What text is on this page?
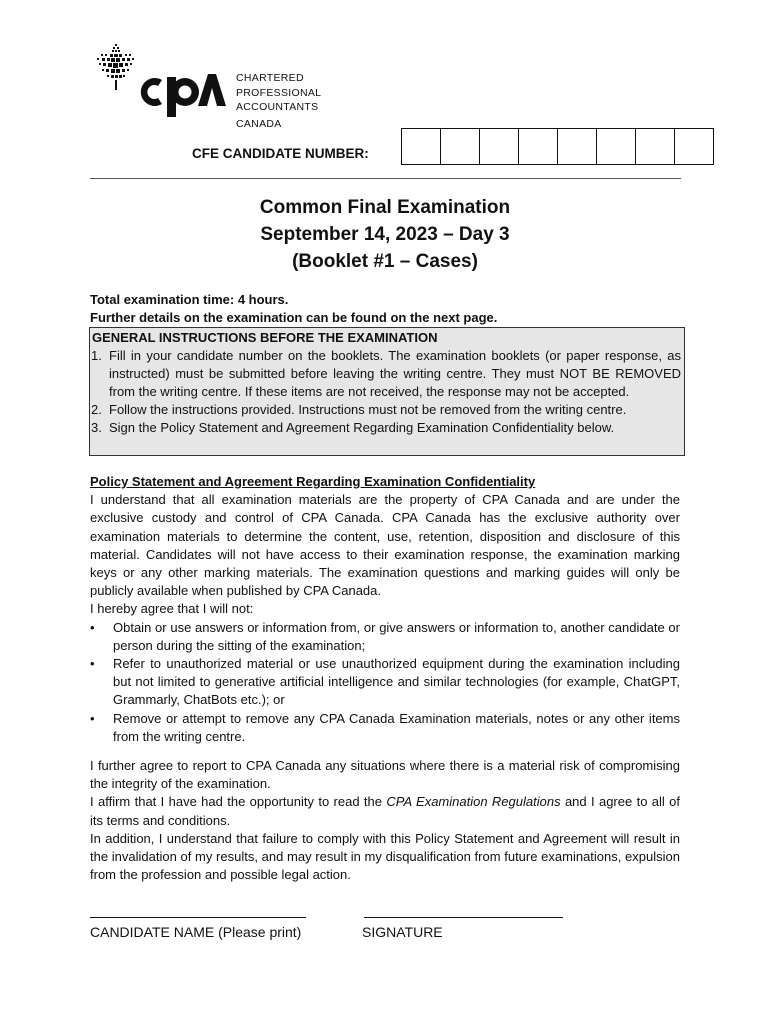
CHARTERED
PROFESSIONAL
ACCOUNTANTS
CANADA
CFE CANDIDATE NUMBER:
Common Final Examination
September 14, 2023 – Day 3
(Booklet #1 – Cases)
Total examination time: 4 hours.
Further details on the examination can be found on the next page.
GENERAL INSTRUCTIONS BEFORE THE EXAMINATION
1. Fill in your candidate number on the booklets. The examination booklets (or paper response, as instructed) must be submitted before leaving the writing centre. They must NOT BE REMOVED from the writing centre. If these items are not received, the response may not be accepted.
2. Follow the instructions provided. Instructions must not be removed from the writing centre.
3. Sign the Policy Statement and Agreement Regarding Examination Confidentiality below.
Policy Statement and Agreement Regarding Examination Confidentiality
I understand that all examination materials are the property of CPA Canada and are under the exclusive custody and control of CPA Canada. CPA Canada has the exclusive authority over examination materials to determine the content, use, retention, disposition and disclosure of this material. Candidates will not have access to their examination response, the examination marking keys or any other marking materials. The examination questions and marking guides will only be publicly available when published by CPA Canada.
I hereby agree that I will not:
• Obtain or use answers or information from, or give answers or information to, another candidate or person during the sitting of the examination;
• Refer to unauthorized material or use unauthorized equipment during the examination including but not limited to generative artificial intelligence and similar technologies (for example, ChatGPT, Grammarly, ChatBots etc.); or
• Remove or attempt to remove any CPA Canada Examination materials, notes or any other items from the writing centre.
I further agree to report to CPA Canada any situations where there is a material risk of compromising the integrity of the examination.
I affirm that I have had the opportunity to read the CPA Examination Regulations and I agree to all of its terms and conditions.
In addition, I understand that failure to comply with this Policy Statement and Agreement will result in the invalidation of my results, and may result in my disqualification from future examinations, expulsion from the profession and possible legal action.
CANDIDATE NAME (Please print)	SIGNATURE
